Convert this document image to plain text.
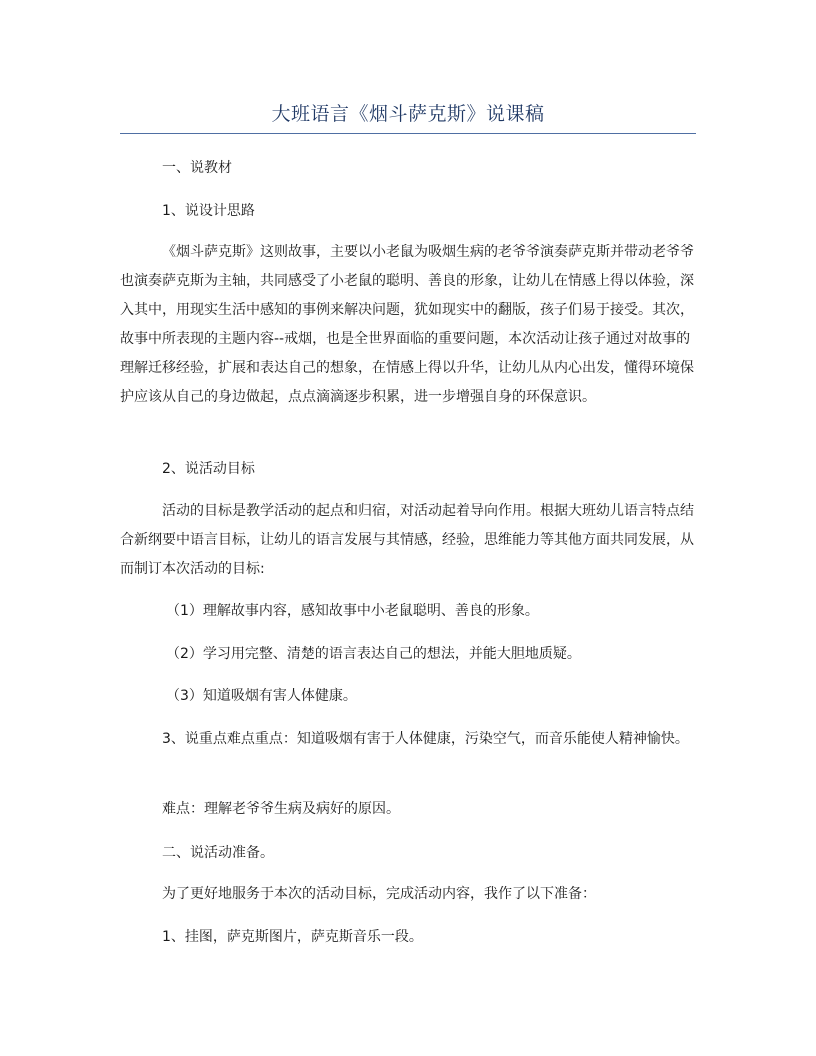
大班语言《烟斗萨克斯》说课稿
一、说教材
1、说设计思路

《烟斗萨克斯》这则故事，主要以小老鼠为吸烟生病的老爷爷演奏萨克斯并带动老爷爷也演奏萨克斯为主轴，共同感受了小老鼠的聪明、善良的形象，让幼儿在情感上得以体验，深入其中，用现实生活中感知的事例来解决问题，犹如现实中的翻版，孩子们易于接受。其次，故事中所表现的主题内容--戒烟，也是全世界面临的重要问题，本次活动让孩子通过对故事的理解迁移经验，扩展和表达自己的想象，在情感上得以升华，让幼儿从内心出发，懂得环境保护应该从自己的身边做起，点点滴滴逐步积累，进一步增强自身的环保意识。

2、说活动目标

活动的目标是教学活动的起点和归宿，对活动起着导向作用。根据大班幼儿语言特点结合新纲要中语言目标，让幼儿的语言发展与其情感，经验，思维能力等其他方面共同发展，从而制订本次活动的目标:

（1）理解故事内容，感知故事中小老鼠聪明、善良的形象。
（2）学习用完整、清楚的语言表达自己的想法，并能大胆地质疑。
（3）知道吸烟有害人体健康。

3、说重点难点重点：知道吸烟有害于人体健康，污染空气，而音乐能使人精神愉快。

难点：理解老爷爷生病及病好的原因。
二、说活动准备。
为了更好地服务于本次的活动目标，完成活动内容，我作了以下准备：
1、挂图，萨克斯图片，萨克斯音乐一段。
